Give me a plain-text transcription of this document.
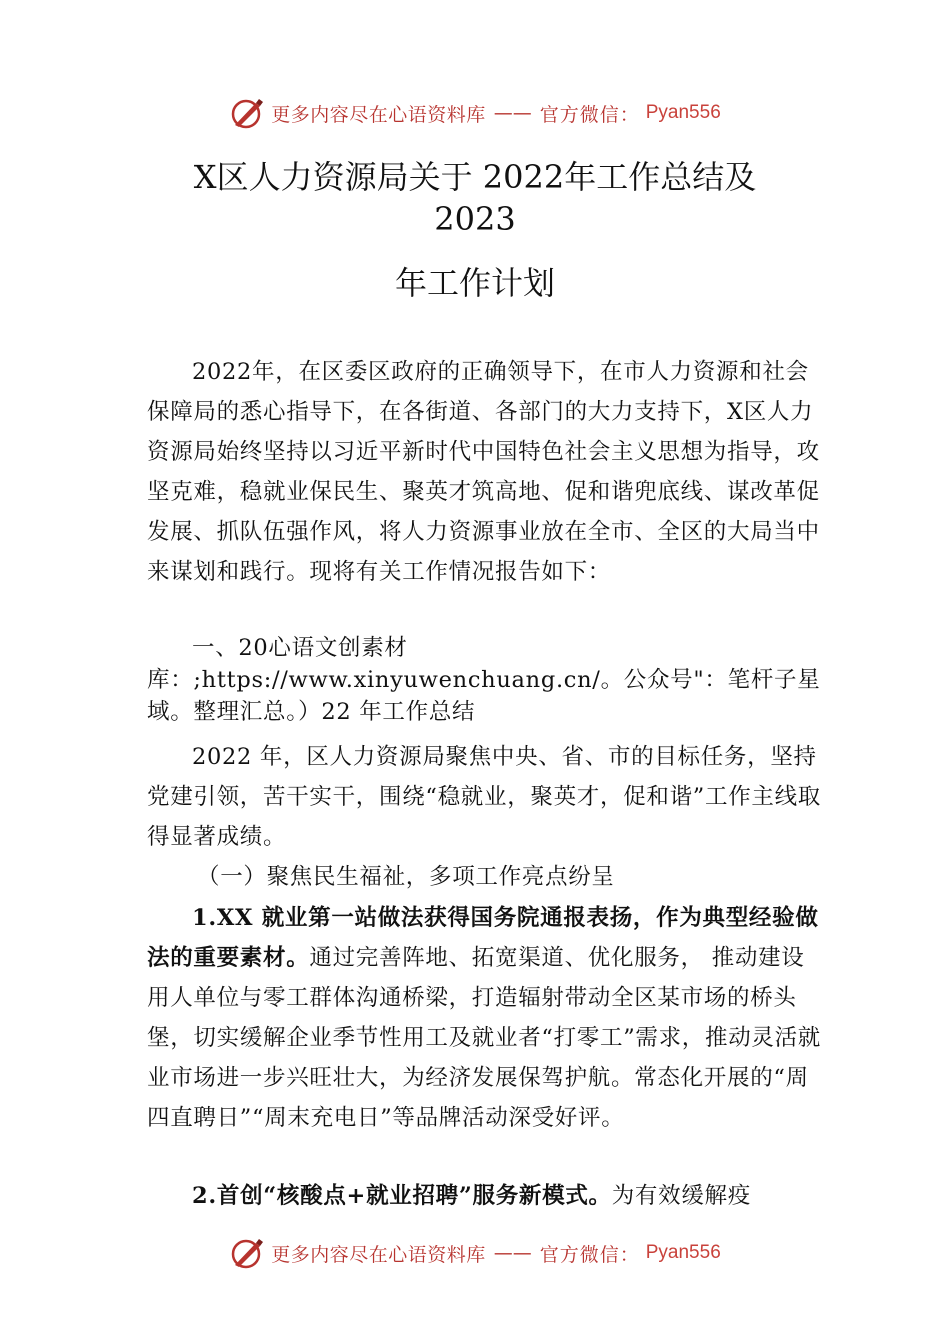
更多内容尽在心语资料库 —— 官方微信： Pyan556
X区人力资源局关于 2022年工作总结及
2023
年工作计划

2022年，在区委区政府的正确领导下，在市人力资源和社会保障局的悉心指导下，在各街道、各部门的大力支持下，X区人力资源局始终坚持以习近平新时代中国特色社会主义思想为指导，攻坚克难，稳就业保民生、聚英才筑高地、促和谐兜底线、谋改革促发展、抓队伍强作风，将人力资源事业放在全市、全区的大局当中来谋划和践行。现将有关工作情况报告如下：

一、20心语文创素材库：;https://www.xinyuwenchuang.cn/。公众号"：笔杆子星域。整理汇总。）22 年工作总结

2022 年，区人力资源局聚焦中央、省、市的目标任务，坚持党建引领，苦干实干，围绕“稳就业，聚英才，促和谐”工作主线取得显著成绩。

（一）聚焦民生福祉，多项工作亮点纷呈

1.XX 就业第一站做法获得国务院通报表扬，作为典型经验做法的重要素材。通过完善阵地、拓宽渠道、优化服务， 推动建设用人单位与零工群体沟通桥梁，打造辐射带动全区某市场的桥头堡，切实缓解企业季节性用工及就业者“打零工”需求，推动灵活就业市场进一步兴旺壮大，为经济发展保驾护航。常态化开展的“周四直聘日”“周末充电日”等品牌活动深受好评。

2.首创“核酸点+就业招聘”服务新模式。为有效缓解疫

更多内容尽在心语资料库 —— 官方微信： Pyan556
